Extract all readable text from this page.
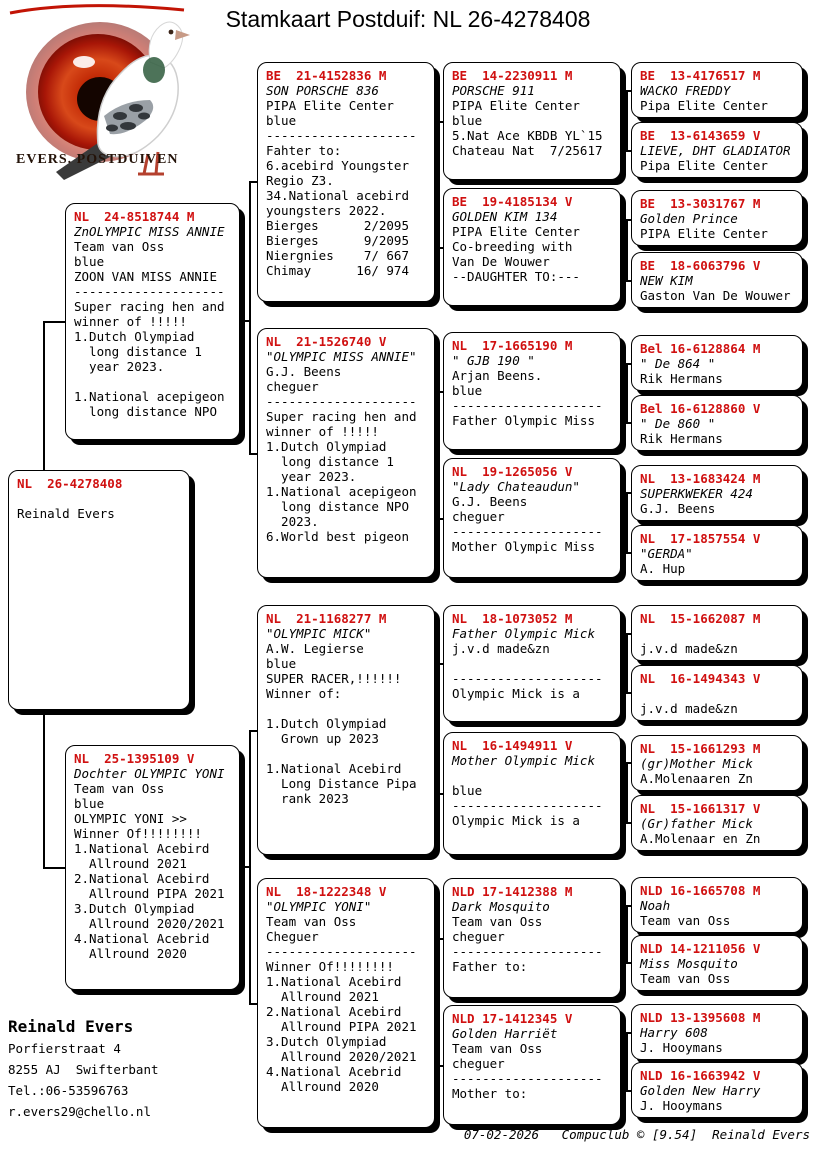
Stamkaart Postduif: NL 26-4278408
EVERS. POSTDUIVEN
NL  26-4278408

Reinald Evers
NL  24-8518744 M
ZnOLYMPIC MISS ANNIE
Team van Oss
blue
ZOON VAN MISS ANNIE
--------------------
Super racing hen and
winner of !!!!!
1.Dutch Olympiad
long distance 1
year 2023.

1.National acepigeon
long distance NPO
NL  25-1395109 V
Dochter OLYMPIC YONI
Team van Oss
blue
OLYMPIC YONI >>
Winner Of!!!!!!!!
1.National Acebird
Allround 2021
2.National Acebird
Allround PIPA 2021
3.Dutch Olympiad
Allround 2020/2021
4.National Acebrid
Allround 2020
BE  21-4152836 M
SON PORSCHE 836
PIPA Elite Center
blue
--------------------
Fahter to:
6.acebird Youngster
Regio Z3.
34.National acebird
youngsters 2022.
Bierges      2/2095
Bierges      9/2095
Niergnies    7/ 667
Chimay      16/ 974
NL  21-1526740 V
"OLYMPIC MISS ANNIE"
G.J. Beens
cheguer
--------------------
Super racing hen and
winner of !!!!!
1.Dutch Olympiad
long distance 1
year 2023.
1.National acepigeon
long distance NPO
2023.
6.World best pigeon
NL  21-1168277 M
"OLYMPIC MICK"
A.W. Legierse
blue
SUPER RACER,!!!!!!
Winner of:

1.Dutch Olympiad
Grown up 2023

1.National Acebird
Long Distance Pipa
rank 2023
NL  18-1222348 V
"OLYMPIC YONI"
Team van Oss
Cheguer
--------------------
Winner Of!!!!!!!!
1.National Acebird
Allround 2021
2.National Acebird
Allround PIPA 2021
3.Dutch Olympiad
Allround 2020/2021
4.National Acebrid
Allround 2020
BE  14-2230911 M
PORSCHE 911
PIPA Elite Center
blue
5.Nat Ace KBDB YL`15
Chateau Nat  7/25617
BE  19-4185134 V
GOLDEN KIM 134
PIPA Elite Center
Co-breeding with
Van De Wouwer
--DAUGHTER TO:---
NL  17-1665190 M
" GJB 190 "
Arjan Beens.
blue
--------------------
Father Olympic Miss
NL  19-1265056 V
"Lady Chateaudun"
G.J. Beens
cheguer
--------------------
Mother Olympic Miss
NL  18-1073052 M
Father Olympic Mick
j.v.d made&zn

--------------------
Olympic Mick is a
NL  16-1494911 V
Mother Olympic Mick

blue
--------------------
Olympic Mick is a
NLD 17-1412388 M
Dark Mosquito
Team van Oss
cheguer
--------------------
Father to:
NLD 17-1412345 V
Golden Harriët
Team van Oss
cheguer
--------------------
Mother to:
BE  13-4176517 M
WACKO FREDDY
Pipa Elite Center
BE  13-6143659 V
LIEVE, DHT GLADIATOR
Pipa Elite Center
BE  13-3031767 M
Golden Prince
PIPA Elite Center
BE  18-6063796 V
NEW KIM
Gaston Van De Wouwer
Bel 16-6128864 M
" De 864 "
Rik Hermans
Bel 16-6128860 V
" De 860 "
Rik Hermans
NL  13-1683424 M
SUPERKWEKER 424
G.J. Beens
NL  17-1857554 V
"GERDA"
A. Hup
NL  15-1662087 M

j.v.d made&zn
NL  16-1494343 V

j.v.d made&zn
NL  15-1661293 M
(gr)Mother Mick
A.Molenaaren Zn
NL  15-1661317 V
(Gr)father Mick
A.Molenaar en Zn
NLD 16-1665708 M
Noah
Team van Oss
NLD 14-1211056 V
Miss Mosquito
Team van Oss
NLD 13-1395608 M
Harry 608
J. Hooymans
NLD 16-1663942 V
Golden New Harry
J. Hooymans
Reinald Evers
Porfierstraat 4
8255 AJ  Swifterbant
Tel.:06-53596763
r.evers29@chello.nl
07-02-2026   Compuclub © [9.54]  Reinald Evers
